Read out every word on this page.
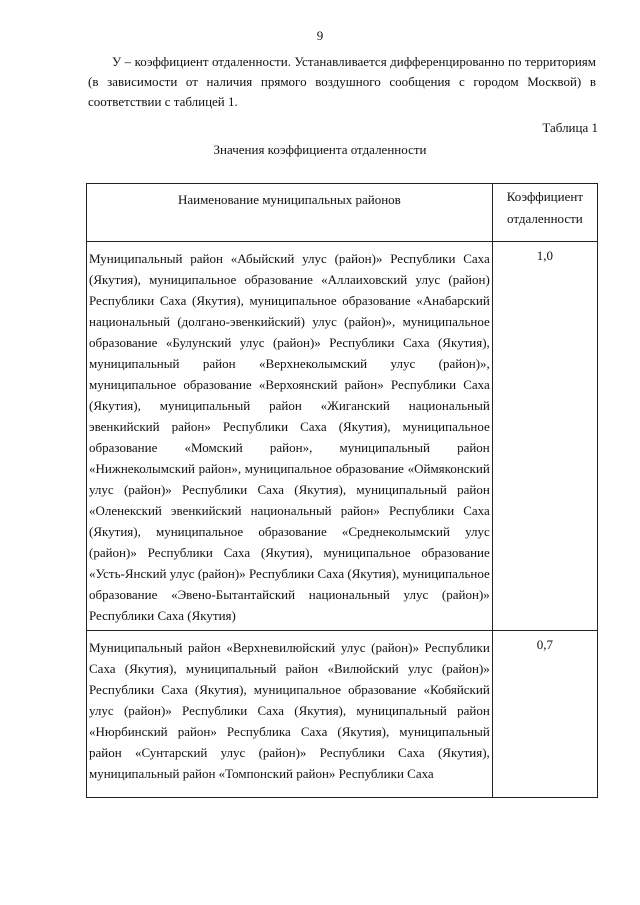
9

У – коэффициент отдаленности. Устанавливается дифференцированно по территориям (в зависимости от наличия прямого воздушного сообщения с городом Москвой) в соответствии с таблицей 1.

Таблица 1
Значения коэффициента отдаленности
Наименование муниципальных районов	Коэффициент отдаленности
Муниципальный район «Абыйский улус (район)» Республики Саха (Якутия), муниципальное образование «Аллаиховский улус (район) Республики Саха (Якутия), муниципальное образование «Анабарский национальный (долгано-эвенкийский) улус (район)», муниципальное образование «Булунский улус (район)» Республики Саха (Якутия), муниципальный район «Верхнеколымский улус (район)», муниципальное образование «Верхоянский район» Республики Саха (Якутия), муниципальный район «Жиганский национальный эвенкийский район» Республики Саха (Якутия), муниципальное образование «Момский район», муниципальный район «Нижнеколымский район», муниципальное образование «Оймяконский улус (район)» Республики Саха (Якутия), муниципальный район «Оленекский эвенкийский национальный район» Республики Саха (Якутия), муниципальное образование «Среднеколымский улус (район)» Республики Саха (Якутия), муниципальное образование «Усть-Янский улус (район)» Республики Саха (Якутия), муниципальное образование «Эвено-Бытантайский национальный улус (район)» Республики Саха (Якутия)	1,0
Муниципальный район «Верхневилюйский улус (район)» Республики Саха (Якутия), муниципальный район «Вилюйский улус (район)» Республики Саха (Якутия), муниципальное образование «Кобяйский улус (район)» Республики Саха (Якутия), муниципальный район «Нюрбинский район» Республика Саха (Якутия), муниципальный район «Сунтарский улус (район)» Республики Саха (Якутия), муниципальный район «Томпонский район» Республики Саха	0,7
